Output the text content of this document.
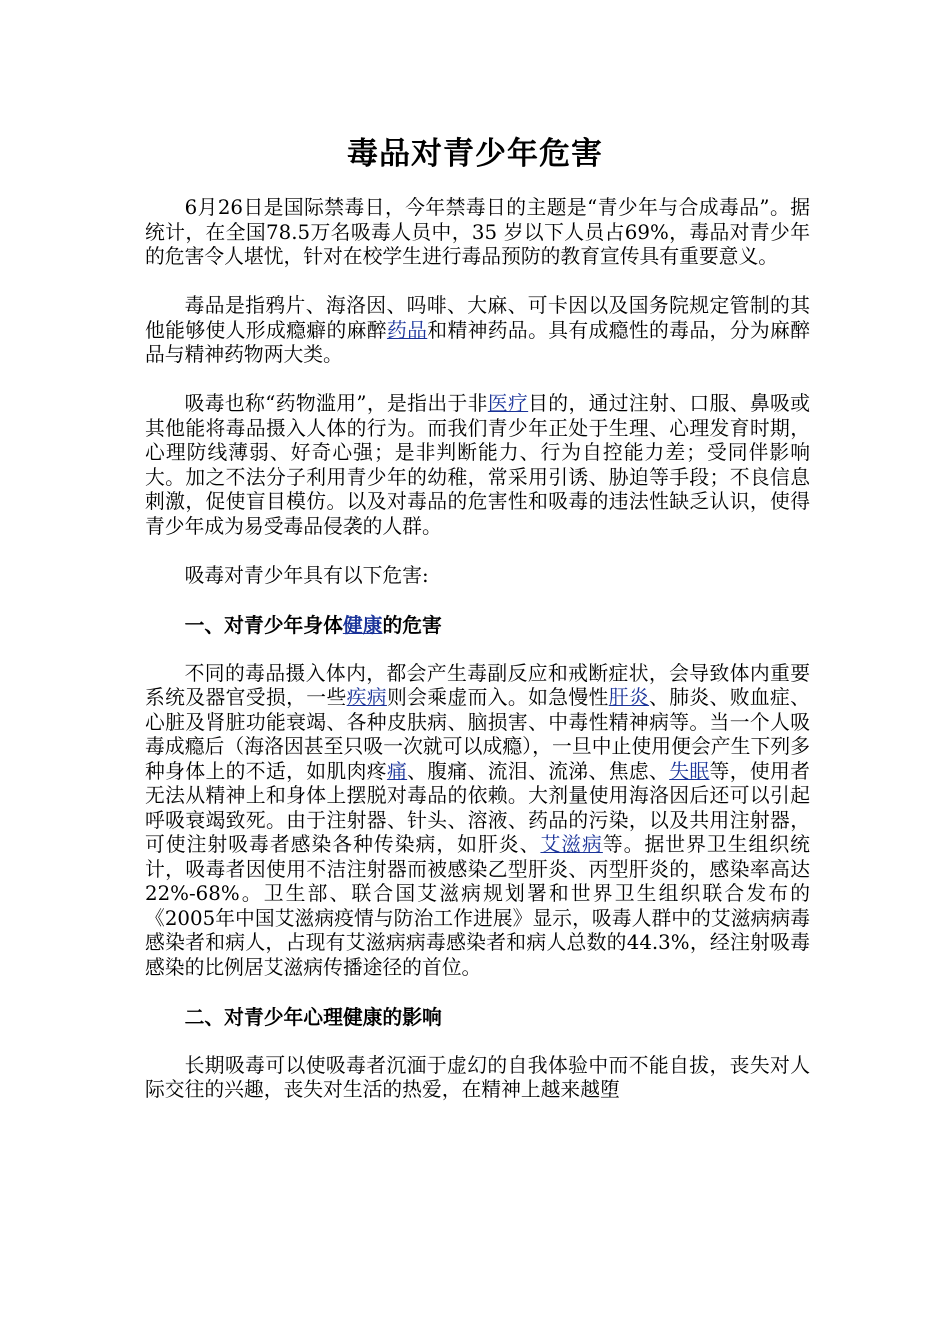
毒品对青少年危害

6月26日是国际禁毒日，今年禁毒日的主题是“青少年与合成毒品”。据统计，在全国78.5万名吸毒人员中，35 岁以下人员占69%，毒品对青少年的危害令人堪忧，针对在校学生进行毒品预防的教育宣传具有重要意义。

毒品是指鸦片、海洛因、吗啡、大麻、可卡因以及国务院规定管制的其他能够使人形成瘾癖的麻醉药品和精神药品。具有成瘾性的毒品，分为麻醉品与精神药物两大类。

吸毒也称“药物滥用”，是指出于非医疗目的，通过注射、口服、鼻吸或其他能将毒品摄入人体的行为。而我们青少年正处于生理、心理发育时期，心理防线薄弱、好奇心强；是非判断能力、行为自控能力差；受同伴影响大。加之不法分子利用青少年的幼稚，常采用引诱、胁迫等手段；不良信息刺激，促使盲目模仿。以及对毒品的危害性和吸毒的违法性缺乏认识，使得青少年成为易受毒品侵袭的人群。

吸毒对青少年具有以下危害:

一、对青少年身体健康的危害

不同的毒品摄入体内，都会产生毒副反应和戒断症状，会导致体内重要系统及器官受损，一些疾病则会乘虚而入。如急慢性肝炎、肺炎、败血症、心脏及肾脏功能衰竭、各种皮肤病、脑损害、中毒性精神病等。当一个人吸毒成瘾后（海洛因甚至只吸一次就可以成瘾），一旦中止使用便会产生下列多种身体上的不适，如肌肉疼痛、腹痛、流泪、流涕、焦虑、失眠等，使用者无法从精神上和身体上摆脱对毒品的依赖。大剂量使用海洛因后还可以引起呼吸衰竭致死。由于注射器、针头、溶液、药品的污染，以及共用注射器，可使注射吸毒者感染各种传染病，如肝炎、艾滋病等。据世界卫生组织统计，吸毒者因使用不洁注射器而被感染乙型肝炎、丙型肝炎的，感染率高达22%-68%。卫生部、联合国艾滋病规划署和世界卫生组织联合发布的《2005年中国艾滋病疫情与防治工作进展》显示，吸毒人群中的艾滋病病毒感染者和病人，占现有艾滋病病毒感染者和病人总数的44.3%，经注射吸毒感染的比例居艾滋病传播途径的首位。

二、对青少年心理健康的影响

长期吸毒可以使吸毒者沉湎于虚幻的自我体验中而不能自拔，丧失对人际交往的兴趣，丧失对生活的热爱，在精神上越来越堕
